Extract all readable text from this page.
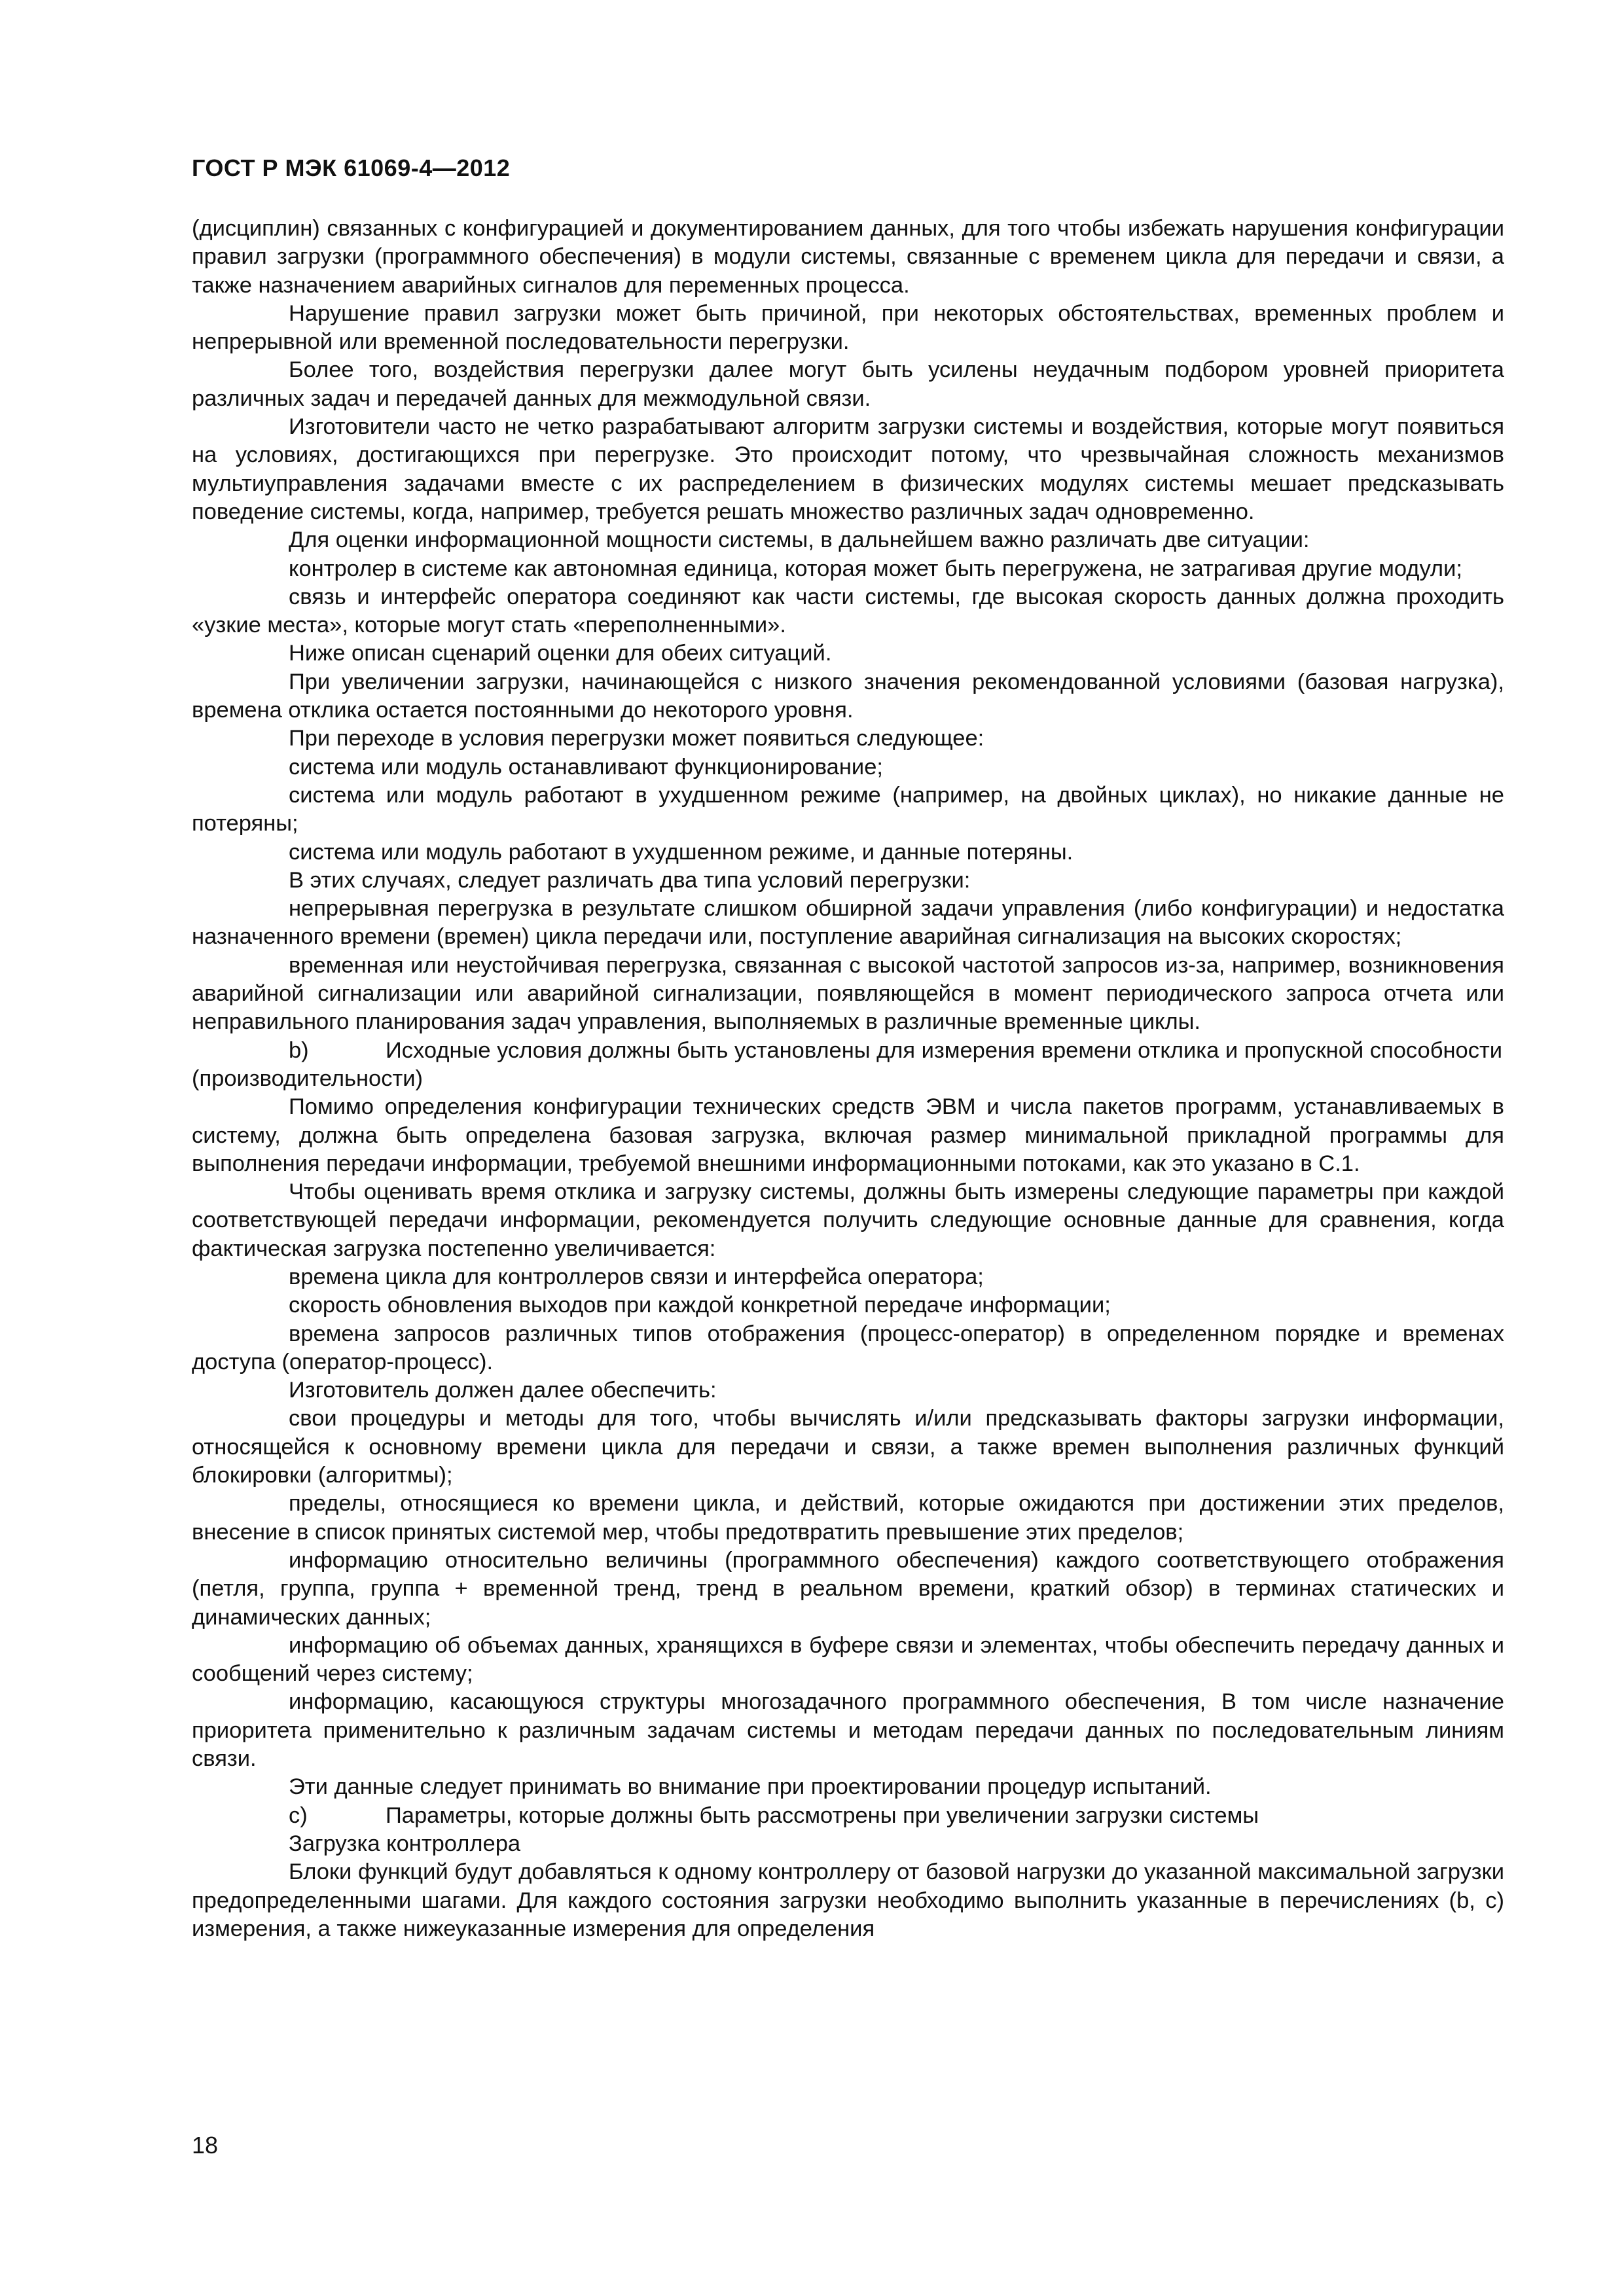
ГОСТ Р МЭК 61069-4—2012

(дисциплин) связанных с конфигурацией и документированием данных, для того чтобы избежать нарушения конфигурации правил загрузки (программного обеспечения) в модули системы, связанные с временем цикла для передачи и связи, а также назначением аварийных сигналов для переменных процесса.

Нарушение правил загрузки может быть причиной, при некоторых обстоятельствах, временных проблем и непрерывной или временной последовательности перегрузки.

Более того, воздействия перегрузки далее могут быть усилены неудачным подбором уровней приоритета различных задач и передачей данных для межмодульной связи.

Изготовители часто не четко разрабатывают алгоритм загрузки системы и воздействия, которые могут появиться на условиях, достигающихся при перегрузке. Это происходит потому, что чрезвычайная сложность механизмов мультиуправления задачами вместе с их распределением в физических модулях системы мешает предсказывать поведение системы, когда, например, требуется решать множество различных задач одновременно.

Для оценки информационной мощности системы, в дальнейшем важно различать две ситуации:

контролер в системе как автономная единица, которая может быть перегружена, не затрагивая другие модули;

связь и интерфейс оператора соединяют как части системы, где высокая скорость данных должна проходить «узкие места», которые могут стать «переполненными».

Ниже описан сценарий оценки для обеих ситуаций.

При увеличении загрузки, начинающейся с низкого значения рекомендованной условиями (базовая нагрузка), времена отклика остается постоянными до некоторого уровня.

При переходе в условия перегрузки может появиться следующее:

система или модуль останавливают функционирование;

система или модуль работают в ухудшенном режиме (например, на двойных циклах), но никакие данные не потеряны;

система или модуль работают в ухудшенном режиме, и данные потеряны.

В этих случаях, следует различать два типа условий перегрузки:

непрерывная перегрузка в результате слишком обширной задачи управления (либо конфигурации) и недостатка назначенного времени (времен) цикла передачи или, поступление аварийная сигнализация на высоких скоростях;

временная или неустойчивая перегрузка, связанная с высокой частотой запросов из-за, например, возникновения аварийной сигнализации или аварийной сигнализации, появляющейся в момент периодического запроса отчета или неправильного планирования задач управления, выполняемых в различные временные циклы.

b)	Исходные условия должны быть установлены для измерения времени отклика и пропускной способности (производительности)

Помимо определения конфигурации технических средств ЭВМ и числа пакетов программ, устанавливаемых в систему, должна быть определена базовая загрузка, включая размер минимальной прикладной программы для выполнения передачи информации, требуемой внешними информационными потоками, как это указано в С.1.

Чтобы оценивать время отклика и загрузку системы, должны быть измерены следующие параметры при каждой соответствующей передачи информации, рекомендуется получить следующие основные данные для сравнения, когда фактическая загрузка постепенно увеличивается:

времена цикла для контроллеров связи и интерфейса оператора;

скорость обновления выходов при каждой конкретной передаче информации;

времена запросов различных типов отображения (процесс-оператор) в определенном порядке и временах доступа (оператор-процесс).

Изготовитель должен далее обеспечить:

свои процедуры и методы для того, чтобы вычислять и/или предсказывать факторы загрузки информации, относящейся к основному времени цикла для передачи и связи, а также времен выполнения различных функций блокировки (алгоритмы);

пределы, относящиеся ко времени цикла, и действий, которые ожидаются при достижении этих пределов, внесение в список принятых системой мер, чтобы предотвратить превышение этих пределов;

информацию относительно величины (программного обеспечения) каждого соответствующего отображения (петля, группа, группа + временной тренд, тренд в реальном времени, краткий обзор) в терминах статических и динамических данных;

информацию об объемах данных, хранящихся в буфере связи и элементах, чтобы обеспечить передачу данных и сообщений через систему;

информацию, касающуюся структуры многозадачного программного обеспечения, В том числе назначение приоритета применительно к различным задачам системы и методам передачи данных по последовательным линиям связи.

Эти данные следует принимать во внимание при проектировании процедур испытаний.

c)	Параметры, которые должны быть рассмотрены при увеличении загрузки системы

Загрузка контроллера

Блоки функций будут добавляться к одному контроллеру от базовой нагрузки до указанной максимальной загрузки предопределенными шагами. Для каждого состояния загрузки необходимо выполнить указанные в перечислениях (b, c) измерения, а также нижеуказанные измерения для определения

18
